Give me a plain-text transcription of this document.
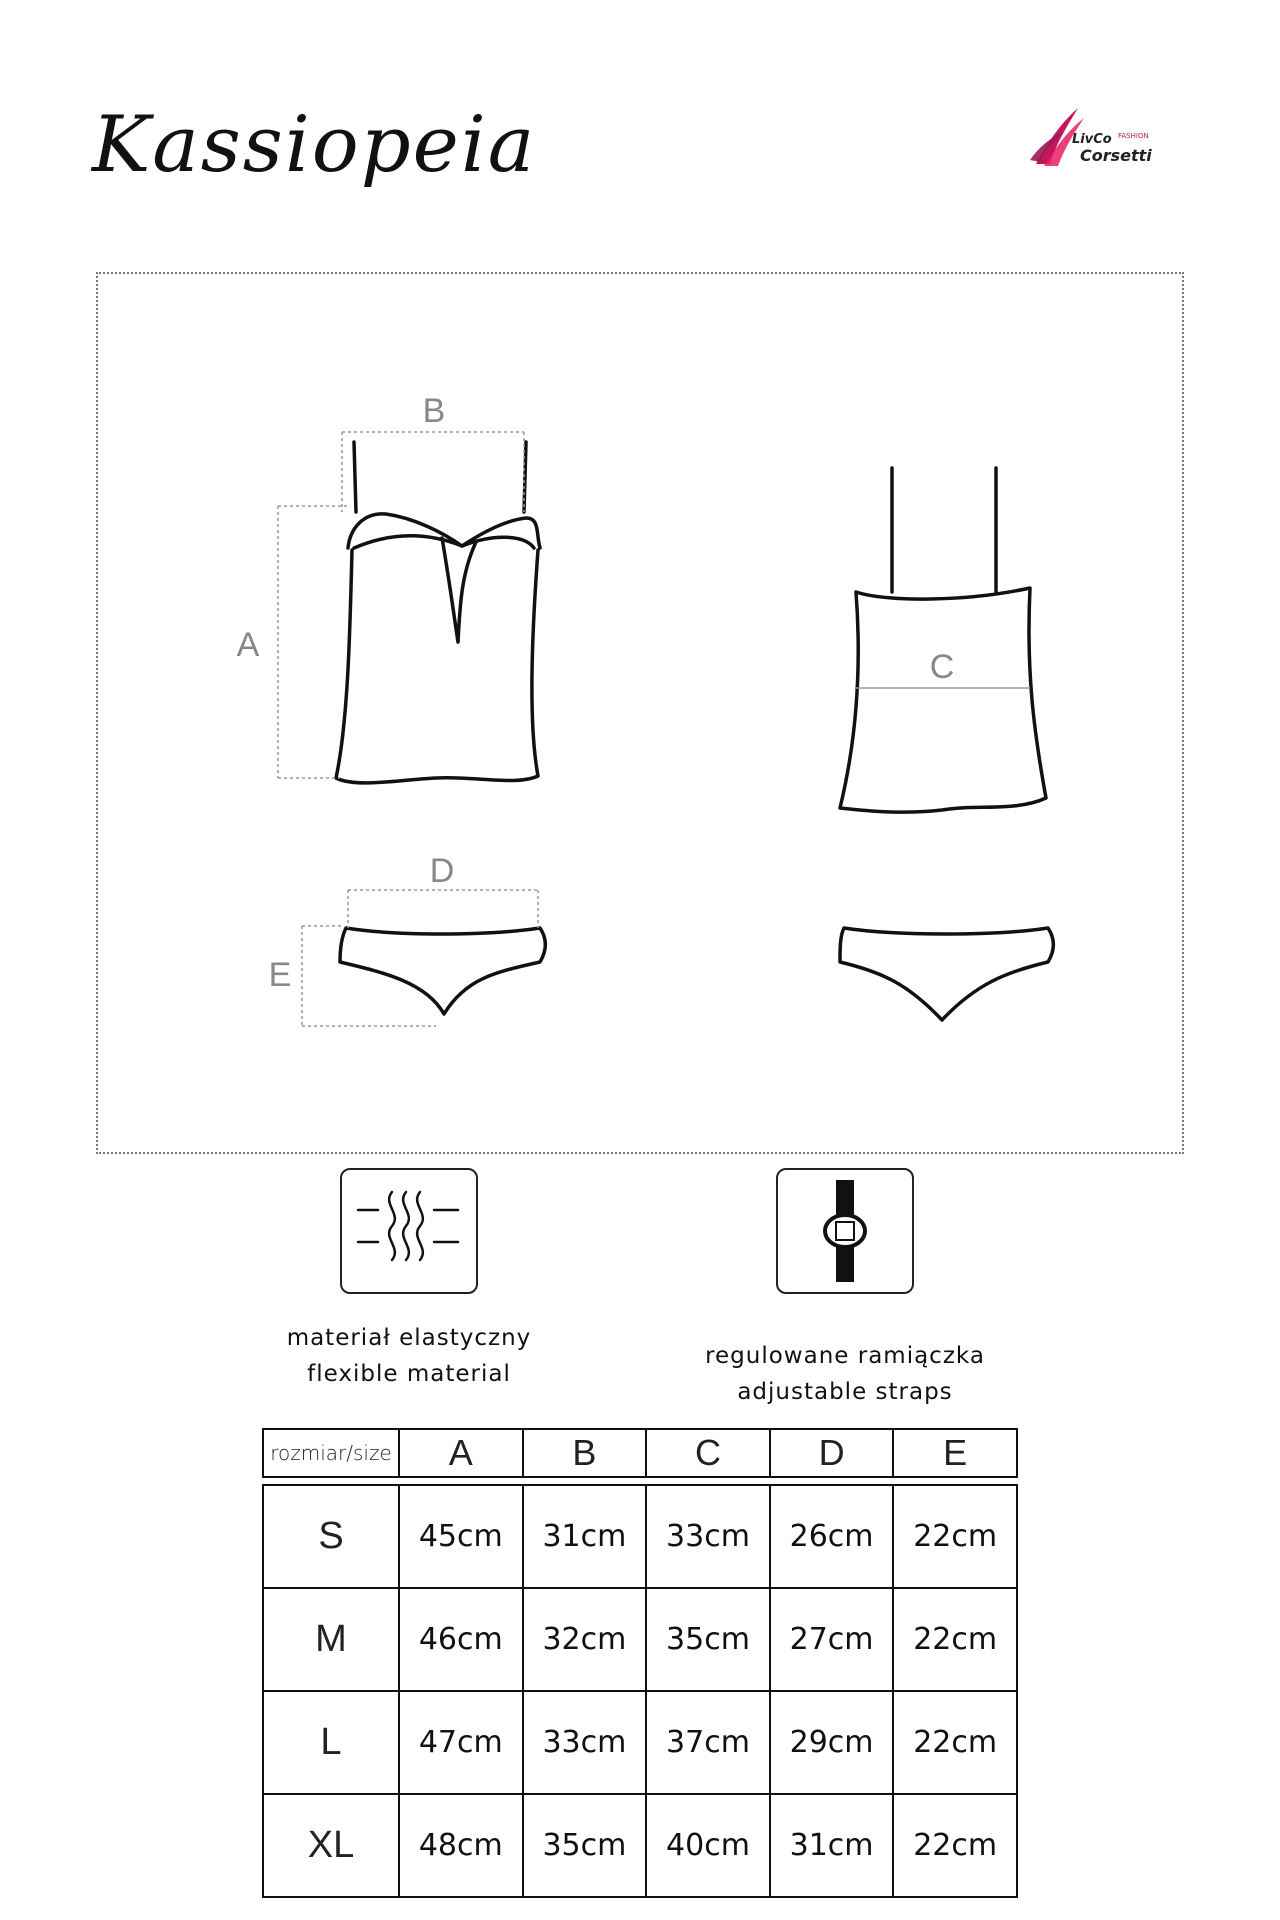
Kassiopeia	LivCo FASHION
Corsetti
B
A
C
D
E
materiał elastyczny
flexible material
regulowane ramiączka
adjustable straps
rozmiar/size	A	B	C	D	E
S	45cm	31cm	33cm	26cm	22cm
M	46cm	32cm	35cm	27cm	22cm
L	47cm	33cm	37cm	29cm	22cm
XL	48cm	35cm	40cm	31cm	22cm
